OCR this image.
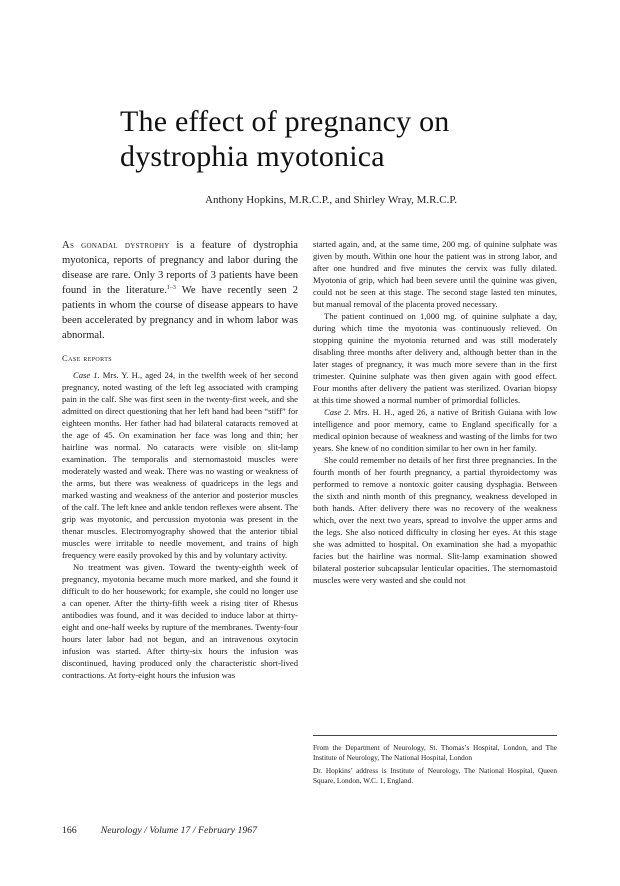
The effect of pregnancy on
dystrophia myotonica
Anthony Hopkins, M.R.C.P., and Shirley Wray, M.R.C.P.

As gonadal dystrophy is a feature of dystrophia myotonica, reports of pregnancy and labor during the disease are rare. Only 3 reports of 3 patients have been found in the literature.$^{1-3}$ We have recently seen 2 patients in whom the course of disease appears to have been accelerated by pregnancy and in whom labor was abnormal.

Case reports

Case 1. Mrs. Y. H., aged 24, in the twelfth week of her second pregnancy, noted wasting of the left leg associated with cramping pain in the calf. She was first seen in the twenty-first week, and she admitted on direct questioning that her left hand had been “stiff” for eighteen months. Her father had had bilateral cataracts removed at the age of 45. On examination her face was long and thin; her hairline was normal. No cataracts were visible on slit-lamp examination. The temporalis and sternomastoid muscles were moderately wasted and weak. There was no wasting or weakness of the arms, but there was weakness of quadriceps in the legs and marked wasting and weakness of the anterior and posterior muscles of the calf. The left knee and ankle tendon reflexes were absent. The grip was myotonic, and percussion myotonia was present in the thenar muscles. Electromyography showed that the anterior tibial muscles were irritable to needle movement, and trains of high frequency were easily provoked by this and by voluntary activity.

No treatment was given. Toward the twenty-eighth week of pregnancy, myotonia became much more marked, and she found it difficult to do her housework; for example, she could no longer use a can opener. After the thirty-fifth week a rising titer of Rhesus antibodies was found, and it was decided to induce labor at thirty-eight and one-half weeks by rupture of the membranes. Twenty-four hours later labor had not begun, and an intravenous oxytocin infusion was started. After thirty-six hours the infusion was discontinued, having produced only the characteristic short-lived contractions. At forty-eight hours the infusion was

started again, and, at the same time, 200 mg. of quinine sulphate was given by mouth. Within one hour the patient was in strong labor, and after one hundred and five minutes the cervix was fully dilated. Myotonia of grip, which had been severe until the quinine was given, could not be seen at this stage. The second stage lasted ten minutes, but manual removal of the placenta proved necessary.

The patient continued on 1,000 mg. of quinine sulphate a day, during which time the myotonia was continuously relieved. On stopping quinine the myotonia returned and was still moderately disabling three months after delivery and, although better than in the later stages of pregnancy, it was much more severe than in the first trimester. Quinine sulphate was then given again with good effect. Four months after delivery the patient was sterilized. Ovarian biopsy at this time showed a normal number of primordial follicles.

Case 2. Mrs. H. H., aged 26, a native of British Guiana with low intelligence and poor memory, came to England specifically for a medical opinion because of weakness and wasting of the limbs for two years. She knew of no condition similar to her own in her family.

She could remember no details of her first three pregnancies. In the fourth month of her fourth pregnancy, a partial thyroidectomy was performed to remove a nontoxic goiter causing dysphagia. Between the sixth and ninth month of this pregnancy, weakness developed in both hands. After delivery there was no recovery of the weakness which, over the next two years, spread to involve the upper arms and the legs. She also noticed difficulty in closing her eyes. At this stage she was admitted to hospital. On examination she had a myopathic facies but the hairline was normal. Slit-lamp examination showed bilateral posterior subcapsular lenticular opacities. The sternomastoid muscles were very wasted and she could not

From the Department of Neurology, St. Thomas’s Hospital, London, and The Institute of Neurology, The National Hospital, London

Dr. Hopkins’ address is Institute of Neurology, The National Hospital, Queen Square, London, W.C. 1, England.

166 Neurology / Volume 17 / February 1967
